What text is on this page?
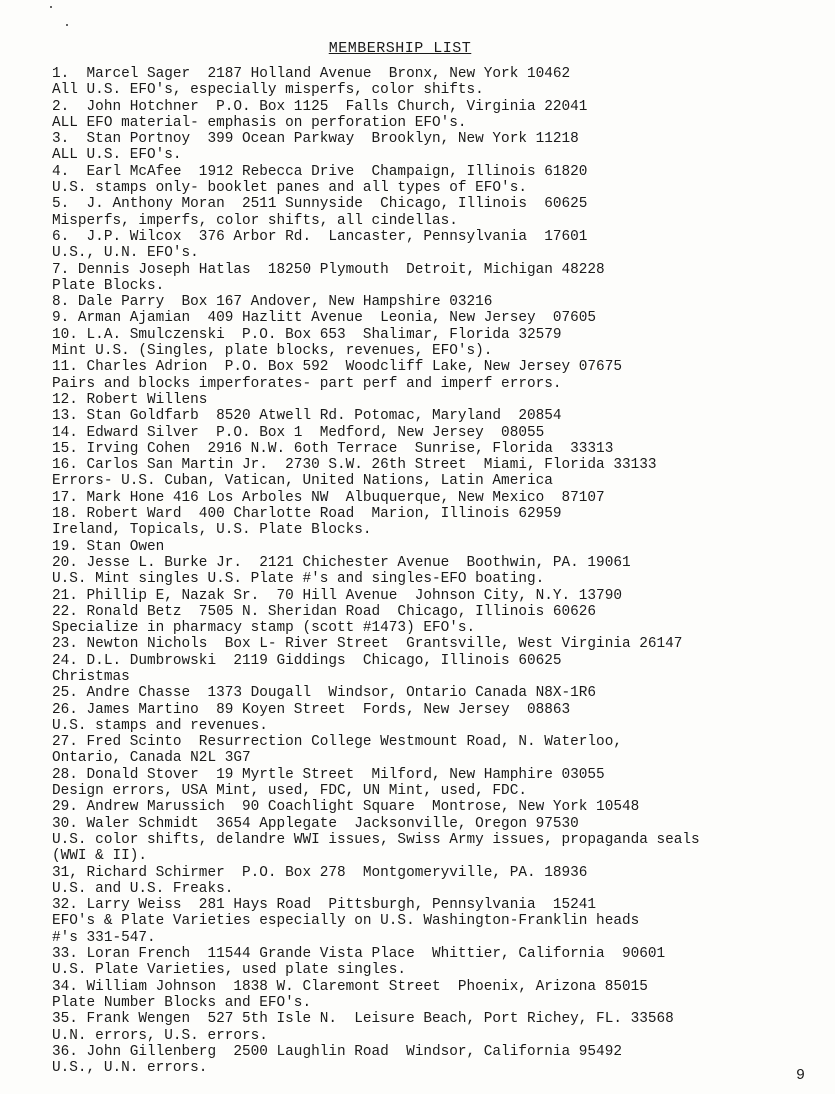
MEMBERSHIP LIST
1.  Marcel Sager  2187 Holland Avenue  Bronx, New York 10462
All U.S. EFO's, especially misperfs, color shifts.
2.  John Hotchner  P.O. Box 1125  Falls Church, Virginia 22041
ALL EFO material- emphasis on perforation EFO's.
3.  Stan Portnoy  399 Ocean Parkway  Brooklyn, New York 11218
ALL U.S. EFO's.
4.  Earl McAfee  1912 Rebecca Drive  Champaign, Illinois 61820
U.S. stamps only- booklet panes and all types of EFO's.
5.  J. Anthony Moran  2511 Sunnyside  Chicago, Illinois  60625
Misperfs, imperfs, color shifts, all cindellas.
6.  J.P. Wilcox  376 Arbor Rd.  Lancaster, Pennsylvania  17601
U.S., U.N. EFO's.
7. Dennis Joseph Hatlas  18250 Plymouth  Detroit, Michigan 48228
Plate Blocks.
8. Dale Parry  Box 167 Andover, New Hampshire 03216
9. Arman Ajamian  409 Hazlitt Avenue  Leonia, New Jersey  07605
10. L.A. Smulczenski  P.O. Box 653  Shalimar, Florida 32579
Mint U.S. (Singles, plate blocks, revenues, EFO's).
11. Charles Adrion  P.O. Box 592  Woodcliff Lake, New Jersey 07675
Pairs and blocks imperforates- part perf and imperf errors.
12. Robert Willens
13. Stan Goldfarb  8520 Atwell Rd. Potomac, Maryland  20854
14. Edward Silver  P.O. Box 1  Medford, New Jersey  08055
15. Irving Cohen  2916 N.W. 6oth Terrace  Sunrise, Florida  33313
16. Carlos San Martin Jr.  2730 S.W. 26th Street  Miami, Florida 33133
Errors- U.S. Cuban, Vatican, United Nations, Latin America
17. Mark Hone 416 Los Arboles NW  Albuquerque, New Mexico  87107
18. Robert Ward  400 Charlotte Road  Marion, Illinois 62959
Ireland, Topicals, U.S. Plate Blocks.
19. Stan Owen
20. Jesse L. Burke Jr.  2121 Chichester Avenue  Boothwin, PA. 19061
U.S. Mint singles U.S. Plate #'s and singles-EFO boating.
21. Phillip E, Nazak Sr.  70 Hill Avenue  Johnson City, N.Y. 13790
22. Ronald Betz  7505 N. Sheridan Road  Chicago, Illinois 60626
Specialize in pharmacy stamp (scott #1473) EFO's.
23. Newton Nichols  Box L- River Street  Grantsville, West Virginia 26147
24. D.L. Dumbrowski  2119 Giddings  Chicago, Illinois 60625
Christmas
25. Andre Chasse  1373 Dougall  Windsor, Ontario Canada N8X-1R6
26. James Martino  89 Koyen Street  Fords, New Jersey  08863
U.S. stamps and revenues.
27. Fred Scinto  Resurrection College Westmount Road, N. Waterloo,
Ontario, Canada N2L 3G7
28. Donald Stover  19 Myrtle Street  Milford, New Hamphire 03055
Design errors, USA Mint, used, FDC, UN Mint, used, FDC.
29. Andrew Marussich  90 Coachlight Square  Montrose, New York 10548
30. Waler Schmidt  3654 Applegate  Jacksonville, Oregon 97530
U.S. color shifts, delandre WWI issues, Swiss Army issues, propaganda seals
(WWI & II).
31, Richard Schirmer  P.O. Box 278  Montgomeryville, PA. 18936
U.S. and U.S. Freaks.
32. Larry Weiss  281 Hays Road  Pittsburgh, Pennsylvania  15241
EFO's & Plate Varieties especially on U.S. Washington-Franklin heads
#'s 331-547.
33. Loran French  11544 Grande Vista Place  Whittier, California  90601
U.S. Plate Varieties, used plate singles.
34. William Johnson  1838 W. Claremont Street  Phoenix, Arizona 85015
Plate Number Blocks and EFO's.
35. Frank Wengen  527 5th Isle N.  Leisure Beach, Port Richey, FL. 33568
U.N. errors, U.S. errors.
36. John Gillenberg  2500 Laughlin Road  Windsor, California 95492
U.S., U.N. errors.	9
